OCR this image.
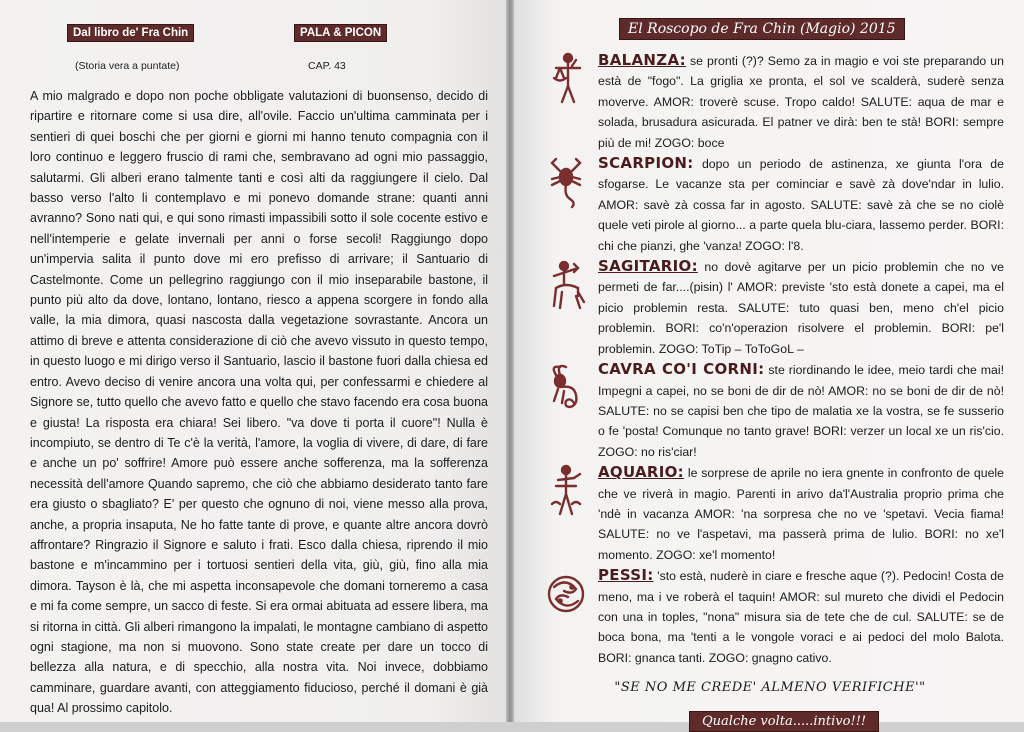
Dal libro de' Fra Chin	PALA & PICON
(Storia vera a puntate)	CAP. 43

A mio malgrado e dopo non poche obbligate valutazioni di buonsenso, decido di ripartire e ritornare come si usa dire, all'ovile. Faccio un'ultima camminata per i sentieri di quei boschi che per giorni e giorni mi hanno tenuto compagnia con il loro continuo e leggero fruscio di rami che, sembravano ad ogni mio passaggio, salutarmi. Gli alberi erano talmente tanti e così alti da raggiungere il cielo. Dal basso verso l'alto li contemplavo e mi ponevo domande strane: quanti anni avranno? Sono nati qui, e qui sono rimasti impassibili sotto il sole cocente estivo e nell'intemperie e gelate invernali per anni o forse secoli! Raggiungo dopo un'impervia salita il punto dove mi ero prefisso di arrivare; il Santuario di Castelmonte. Come un pellegrino raggiungo con il mio inseparabile bastone, il punto più alto da dove, lontano, lontano, riesco a appena scorgere in fondo alla valle, la mia dimora, quasi nascosta dalla vegetazione sovrastante. Ancora un attimo di breve e attenta considerazione di ciò che avevo vissuto in questo tempo, in questo luogo e mi dirigo verso il Santuario, lascio il bastone fuori dalla chiesa ed entro. Avevo deciso di venire ancora una volta qui, per confessarmi e chiedere al Signore se, tutto quello che avevo fatto e quello che stavo facendo era cosa buona e giusta! La risposta era chiara! Sei libero. "va dove ti porta il cuore"! Nulla è incompiuto, se dentro di Te c'è la verità, l'amore, la voglia di vivere, di dare, di fare e anche un po' soffrire! Amore può essere anche sofferenza, ma la sofferenza necessità dell'amore Quando sapremo, che ciò che abbiamo desiderato tanto fare era giusto o sbagliato? E' per questo che ognuno di noi, viene messo alla prova, anche, a propria insaputa, Ne ho fatte tante di prove, e quante altre ancora dovrò affrontare? Ringrazio il Signore e saluto i frati. Esco dalla chiesa, riprendo il mio bastone e m'incammino per i tortuosi sentieri della vita, giù, giù, fino alla mia dimora. Tayson è là, che mi aspetta inconsapevole che domani torneremo a casa e mi fa come sempre, un sacco di feste. Si era ormai abituata ad essere libera, ma si ritorna in città. Gli alberi rimangono la impalati, le montagne cambiano di aspetto ogni stagione, ma non si muovono. Sono state create per dare un tocco di bellezza alla natura, e di specchio, alla nostra vita. Noi invece, dobbiamo camminare, guardare avanti, con atteggiamento fiducioso, perché il domani è già qua! Al prossimo capitolo.

El Roscopo de Fra Chin (Magio) 2015

BALANZA: se pronti (?)? Semo za in magio e voi ste preparando un està de "fogo". La griglia xe pronta, el sol ve scalderà, suderè senza moverve. AMOR: troverè scuse. Tropo caldo! SALUTE: aqua de mar e solada, brusadura asicurada. El patner ve dirà: ben te stà! BORI: sempre più de mi! ZOGO: boce

SCARPION: dopo un periodo de astinenza, xe giunta l'ora de sfogarse. Le vacanze sta per cominciar e savè zà dove'ndar in lulio. AMOR: savè zà cossa far in agosto. SALUTE: savè zà che se no ciolè quele veti pirole al giorno... a parte quela blu-ciara, lassemo perder. BORI: chi che pianzi, ghe 'vanza! ZOGO: l'8.

SAGITARIO: no dovè agitarve per un picio problemin che no ve permeti de far....(pisin) l' AMOR: previste 'sto està donete a capei, ma el picio problemin resta. SALUTE: tuto quasi ben, meno ch'el picio problemin. BORI: co'n'operazion risolvere el problemin. BORI: pe'l problemin. ZOGO: ToTip – ToToGoL –

CAVRA CO'I CORNI: ste riordinando le idee, meio tardi che mai! Impegni a capei, no se boni de dir de nò! AMOR: no se boni de dir de nò! SALUTE: no se capisi ben che tipo de malatia xe la vostra, se fe susserio o fe 'posta! Comunque no tanto grave! BORI: verzer un local xe un ris'cio. ZOGO: no ris'ciar!

AQUARIO: le sorprese de aprile no iera gnente in confronto de quele che ve riverà in magio. Parenti in arivo da'l'Australia proprio prima che 'ndè in vacanza AMOR: 'na sorpresa che no ve 'spetavi. Vecia fiama! SALUTE: no ve l'aspetavi, ma passerà prima de lulio. BORI: no xe'l momento. ZOGO: xe'l momento!

PESSI: 'sto està, nuderè in ciare e fresche aque (?). Pedocin! Costa de meno, ma i ve roberà el taquin! AMOR: sul mureto che dividi el Pedocin con una in toples, "nona" misura sia de tete che de cul. SALUTE: se de boca bona, ma 'tenti a le vongole voraci e ai pedoci del molo Balota. BORI: gnanca tanti. ZOGO: gnagno cativo.

"SE NO ME CREDE' ALMENO VERIFICHE'"

Qualche volta.....intivo!!!
